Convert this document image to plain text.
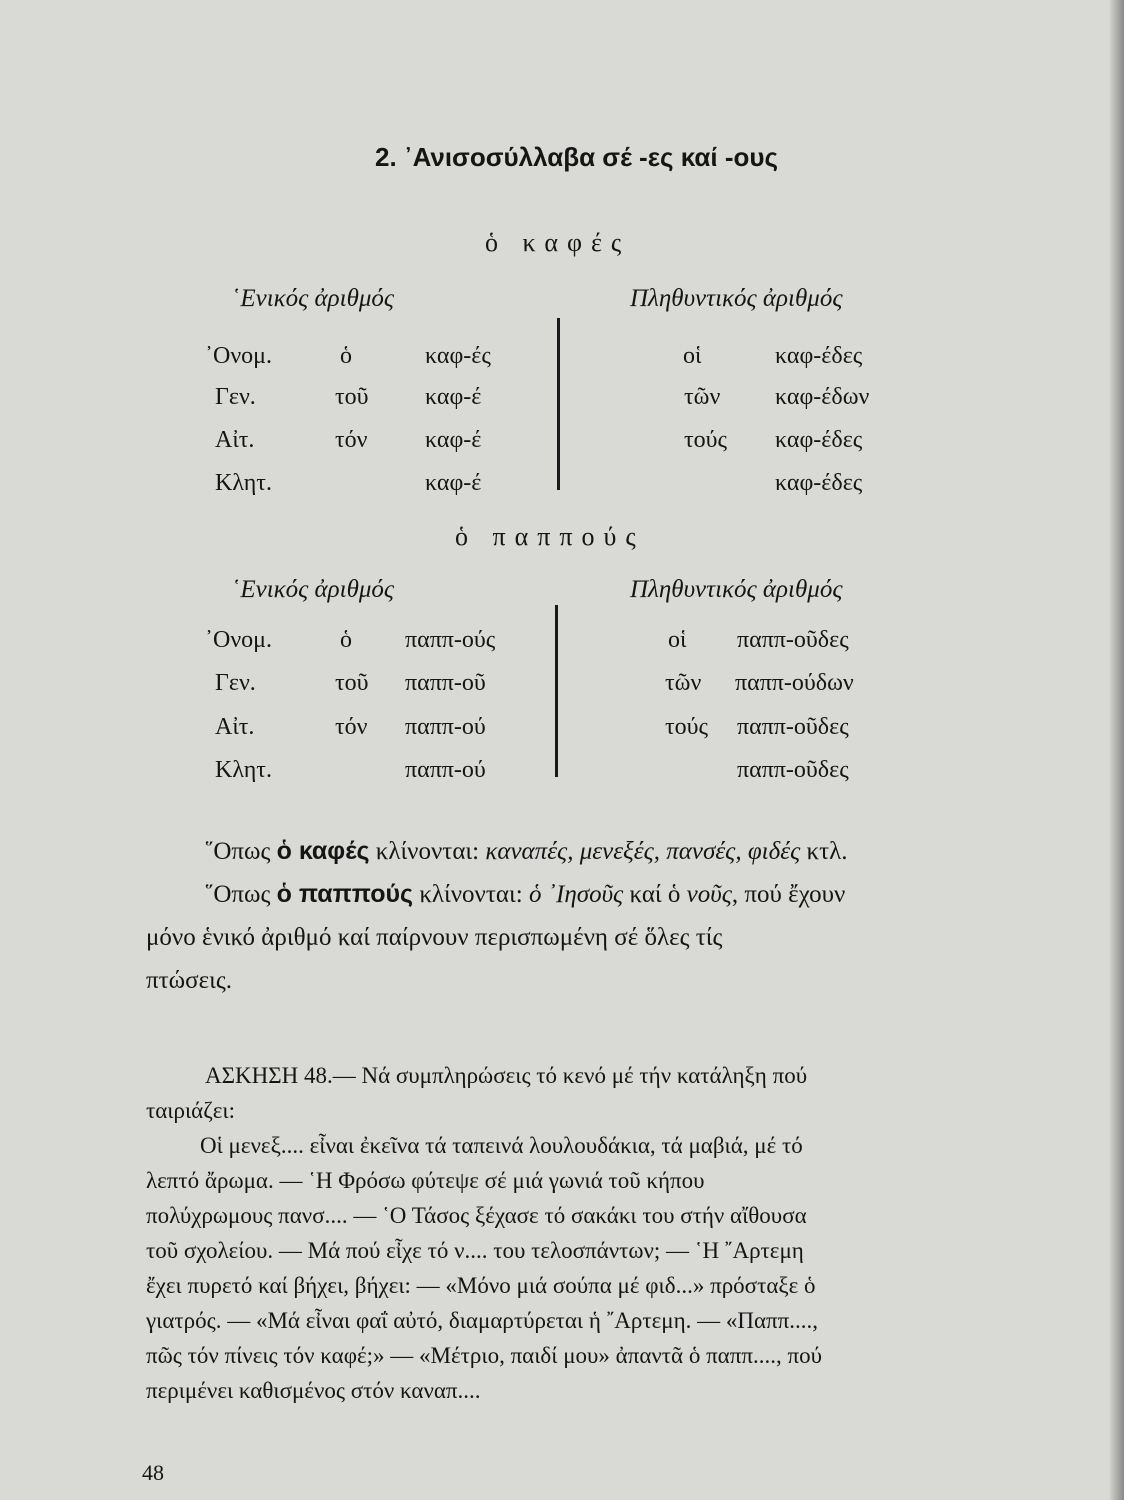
2. ᾿Ανισοσύλλαβα σέ -ες καί -ους
ὁ καφές
῾Ενικός ἀριθμός	Πληθυντικός ἀριθμός
᾿Ονομ.	ὁ	καφ-ές	οἱ	καφ-έδες
Γεν.	τοῦ καφ-έ	τῶν καφ-έδων
Αἰτ.	τόν καφ-έ	τούς καφ-έδες
Κλητ.	καφ-έ	καφ-έδες
ὁ παππούς
῾Ενικός ἀριθμός	Πληθυντικός ἀριθμός
᾿Ονομ.	ὁ παππ-ούς	οἱ παππ-οῦδες
Γεν.	τοῦ παππ-οῦ	τῶν παππ-ούδων
Αἰτ.	τόν παππ-ού	τούς παππ-οῦδες
Κλητ.	παππ-ού	παππ-οῦδες
῞Οπως ὁ καφές κλίνονται: καναπές, μενεξές, πανσές, φιδές κτλ.
῞Οπως ὁ παππούς κλίνονται: ὁ ᾿Ιησοῦς καί ὁ νοῦς, πού ἔχουν
μόνο ἑνικό ἀριθμό καί παίρνουν περισπωμένη σέ ὅλες τίς
πτώσεις.
ΑΣΚΗΣΗ 48.— Νά συμπληρώσεις τό κενό μέ τήν κατάληξη πού
ταιριάζει:
Οἱ μενεξ.... εἶναι ἐκεῖνα τά ταπεινά λουλουδάκια, τά μαβιά, μέ τό
λεπτό ἄρωμα. — ῾Η Φρόσω φύτεψε σέ μιά γωνιά τοῦ κήπου
πολύχρωμους πανσ.... — ῾Ο Τάσος ξέχασε τό σακάκι του στήν αἴθουσα
τοῦ σχολείου. — Μά πού εἶχε τό ν.... του τελοσπάντων; — ῾Η ῎Αρτεμη
ἔχει πυρετό καί βήχει, βήχει: — «Μόνο μιά σούπα μέ φιδ...» πρόσταξε ὁ
γιατρός. — «Μά εἶναι φαΐ αὐτό, διαμαρτύρεται ἡ ῎Αρτεμη. — «Παππ....,
πῶς τόν πίνεις τόν καφέ;» — «Μέτριο, παιδί μου» ἀπαντᾶ ὁ παππ...., πού
περιμένει καθισμένος στόν καναπ....
48
